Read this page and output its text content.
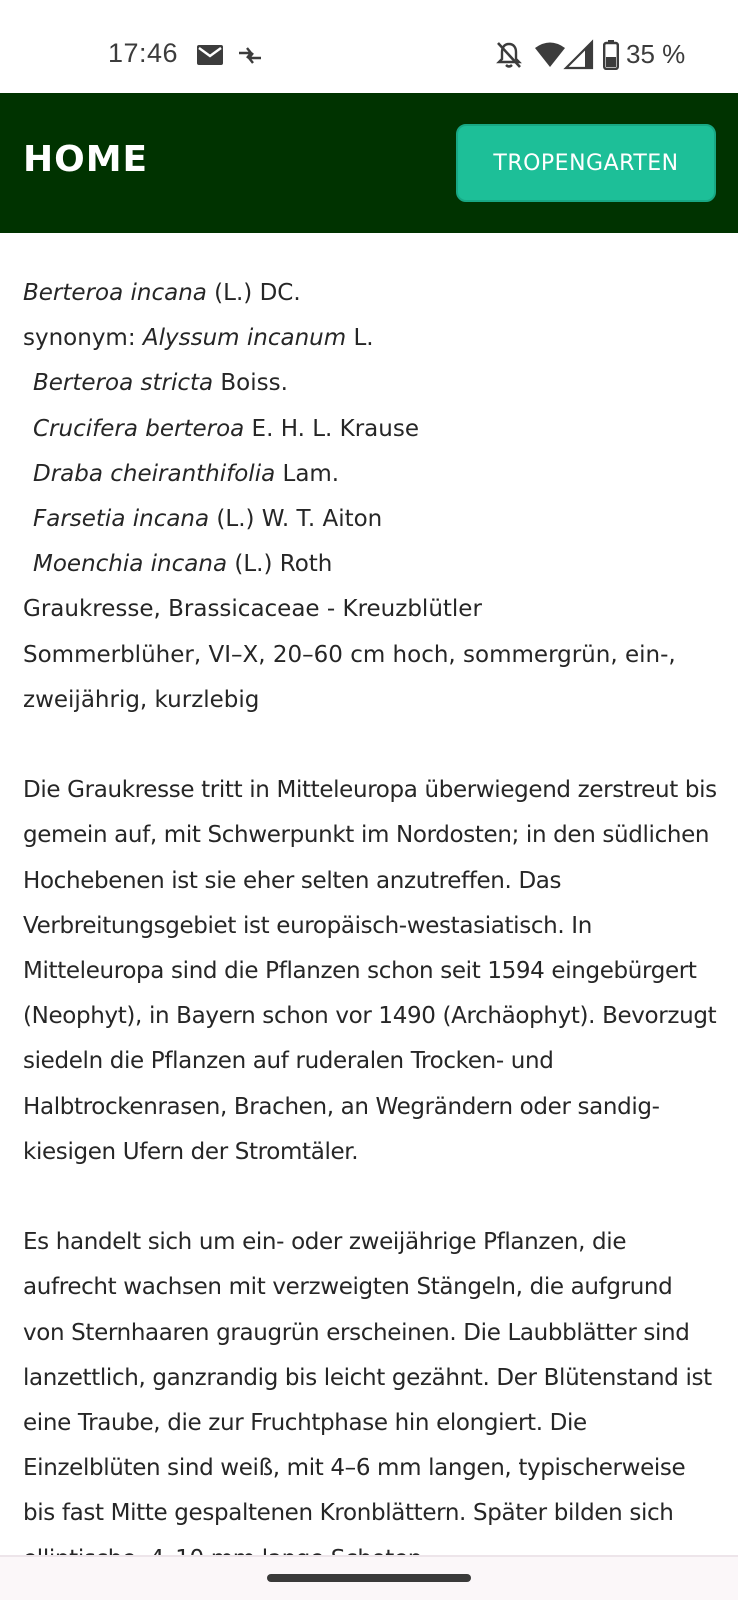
17:46	35 %
HOME	TROPENGARTEN
Berteroa incana (L.) DC.
synonym: Alyssum incanum L.
Berteroa stricta Boiss.
Crucifera berteroa E. H. L. Krause
Draba cheiranthifolia Lam.
Farsetia incana (L.) W. T. Aiton
Moenchia incana (L.) Roth
Graukresse, Brassicaceae - Kreuzblütler
Sommerblüher, VI–X, 20–60 cm hoch, sommergrün, ein-,
zweijährig, kurzlebig

Die Graukresse tritt in Mitteleuropa überwiegend zerstreut bis gemein auf, mit Schwerpunkt im Nordosten; in den südlichen Hochebenen ist sie eher selten anzutreffen. Das Verbreitungsgebiet ist europäisch-westasiatisch. In Mitteleuropa sind die Pflanzen schon seit 1594 eingebürgert (Neophyt), in Bayern schon vor 1490 (Archäophyt). Bevorzugt siedeln die Pflanzen auf ruderalen Trocken- und Halbtrockenrasen, Brachen, an Wegrändern oder sandig-kiesigen Ufern der Stromtäler.

Es handelt sich um ein- oder zweijährige Pflanzen, die aufrecht wachsen mit verzweigten Stängeln, die aufgrund von Sternhaaren graugrün erscheinen. Die Laubblätter sind lanzettlich, ganzrandig bis leicht gezähnt. Der Blütenstand ist eine Traube, die zur Fruchtphase hin elongiert. Die Einzelblüten sind weiß, mit 4–6 mm langen, typischerweise bis fast Mitte gespaltenen Kronblättern. Später bilden sich
